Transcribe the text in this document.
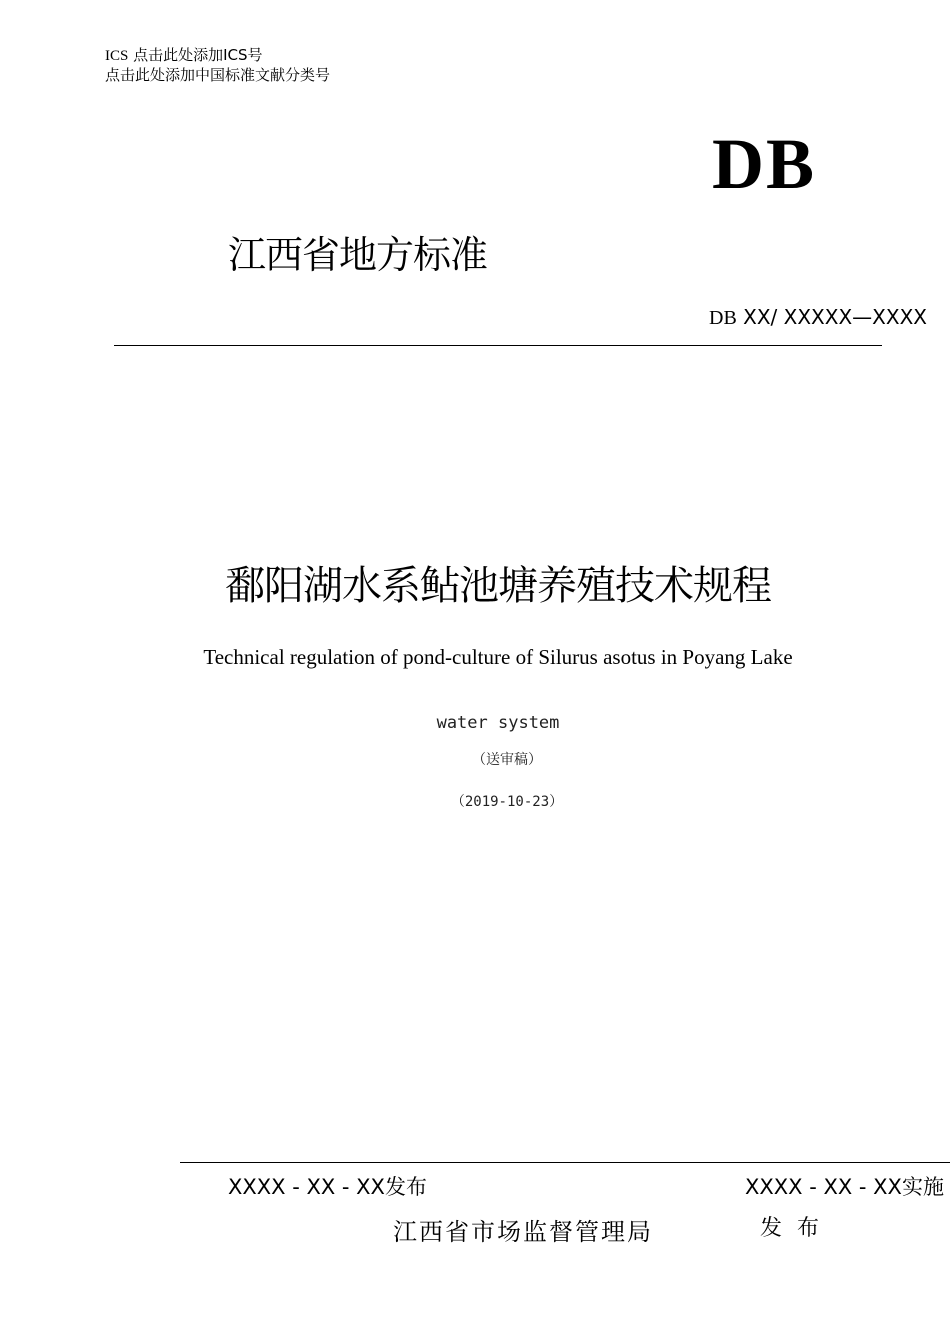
ICS 点击此处添加ICS号
点击此处添加中国标准文献分类号
DB
江西省地方标准
DB XX/ XXXXX—XXXX
鄱阳湖水系鲇池塘养殖技术规程
Technical regulation of pond-culture of Silurus asotus in Poyang Lake
water system
（送审稿）
（2019-10-23）
XXXX - XX - XX发布	XXXX - XX - XX实施
江西省市场监督管理局	发 布
